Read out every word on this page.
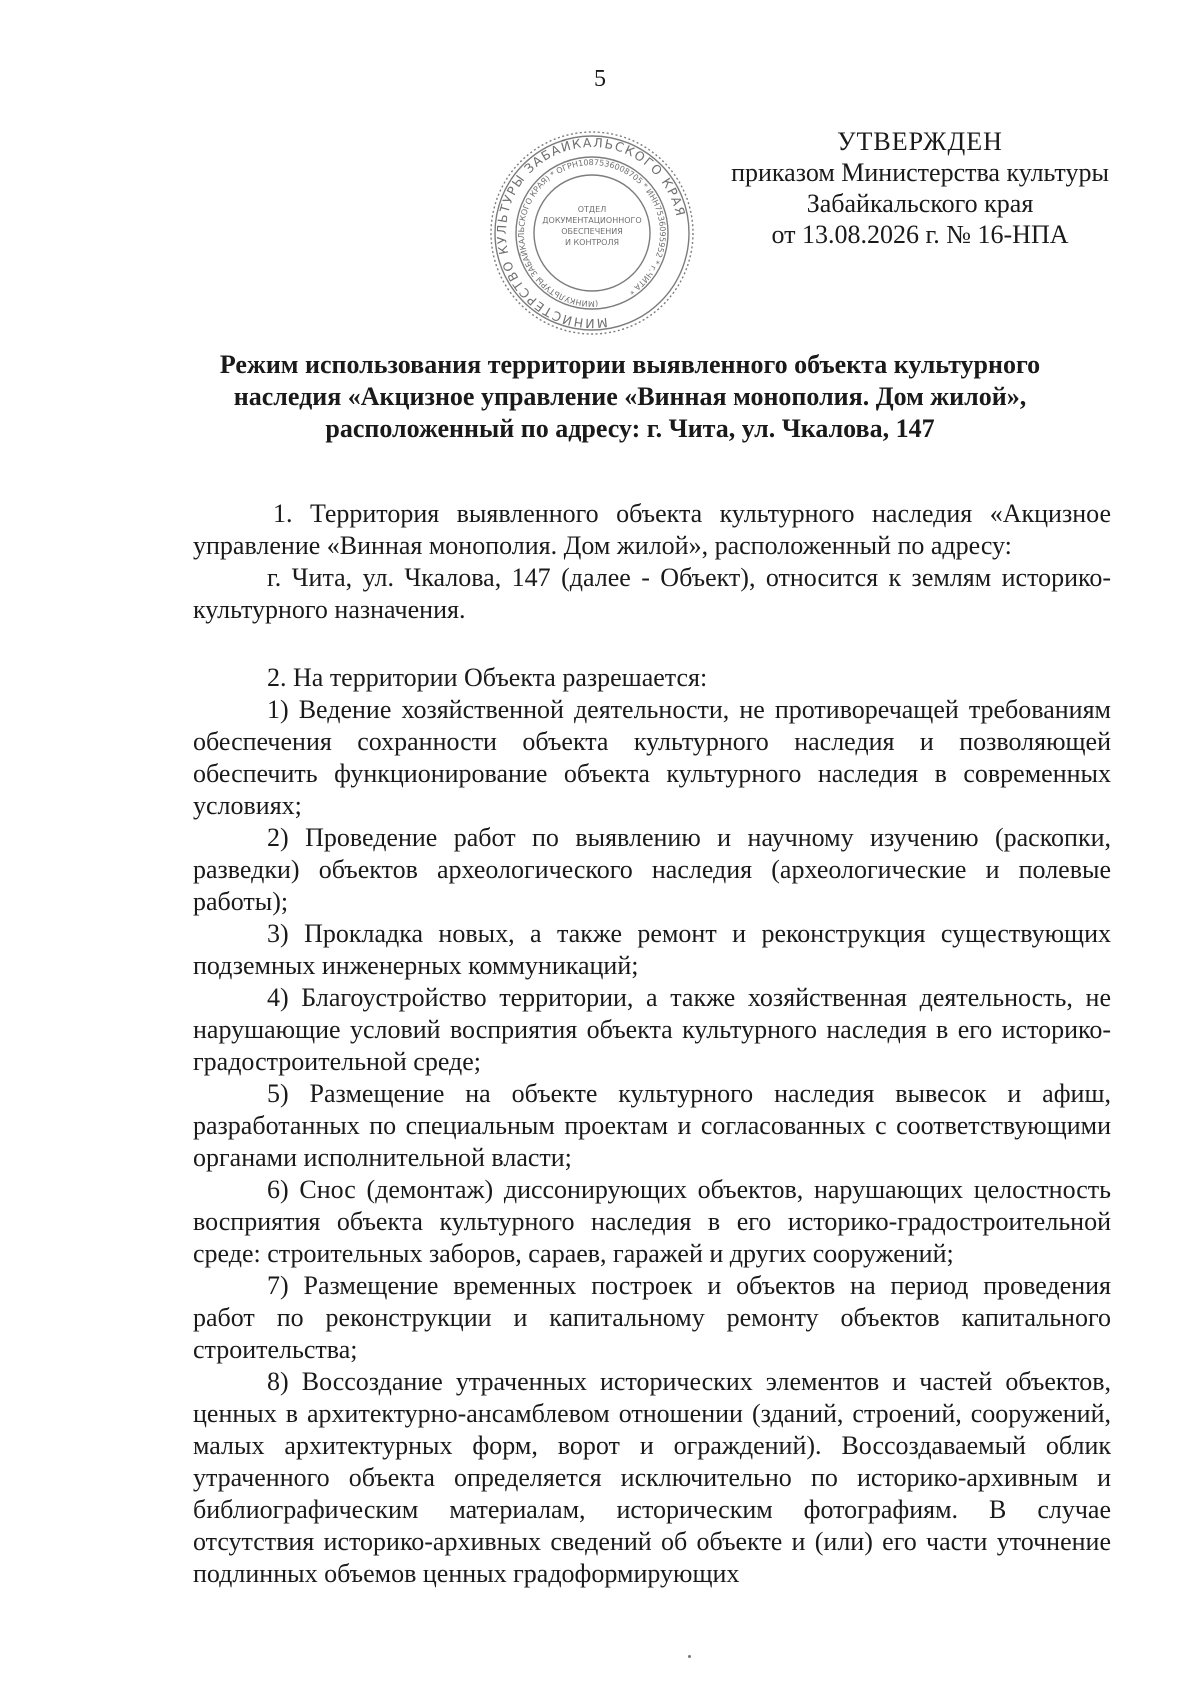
5
МИНИСТЕРСТВО КУЛЬТУРЫ ЗАБАЙКАЛЬСКОГО КРАЯ
(МИНКУЛЬТУРЫ ЗАБАЙКАЛЬСКОГО КРАЯ) * ОГРН1087536008705 * ИНН7536095952 * г.ЧИТА *
ОТДЕЛ
ДОКУМЕНТАЦИОННОГО
ОБЕСПЕЧЕНИЯ
И КОНТРОЛЯ
УТВЕРЖДЕН
приказом Министерства культуры
Забайкальского края
от 13.08.2026 г. № 16-НПА
Режим использования территории выявленного объекта культурного
наследия «Акцизное управление «Винная монополия. Дом жилой»,
расположенный по адресу: г. Чита, ул. Чкалова, 147

1. Территория выявленного объекта культурного наследия «Акцизное управление «Винная монополия. Дом жилой», расположенный по адресу:

г. Чита, ул. Чкалова, 147 (далее - Объект), относится к землям историко-культурного назначения.

2. На территории Объекта разрешается:

1) Ведение хозяйственной деятельности, не противоречащей требованиям обеспечения сохранности объекта культурного наследия и позволяющей обеспечить функционирование объекта культурного наследия в современных условиях;

2) Проведение работ по выявлению и научному изучению (раскопки, разведки) объектов археологического наследия (археологические и полевые работы);

3) Прокладка новых, а также ремонт и реконструкция существующих подземных инженерных коммуникаций;

4) Благоустройство территории, а также хозяйственная деятельность, не нарушающие условий восприятия объекта культурного наследия в его историко-градостроительной среде;

5) Размещение на объекте культурного наследия вывесок и афиш, разработанных по специальным проектам и согласованных с соответствующими органами исполнительной власти;

6) Снос (демонтаж) диссонирующих объектов, нарушающих целостность восприятия объекта культурного наследия в его историко-градостроительной среде: строительных заборов, сараев, гаражей и других сооружений;

7) Размещение временных построек и объектов на период проведения работ по реконструкции и капитальному ремонту объектов капитального строительства;

8) Воссоздание утраченных исторических элементов и частей объектов, ценных в архитектурно-ансамблевом отношении (зданий, строений, сооружений, малых архитектурных форм, ворот и ограждений). Воссоздаваемый облик утраченного объекта определяется исключительно по историко-архивным и библиографическим материалам, историческим фотографиям. В случае отсутствия историко-архивных сведений об объекте и (или) его части уточнение подлинных объемов ценных градоформирующих
